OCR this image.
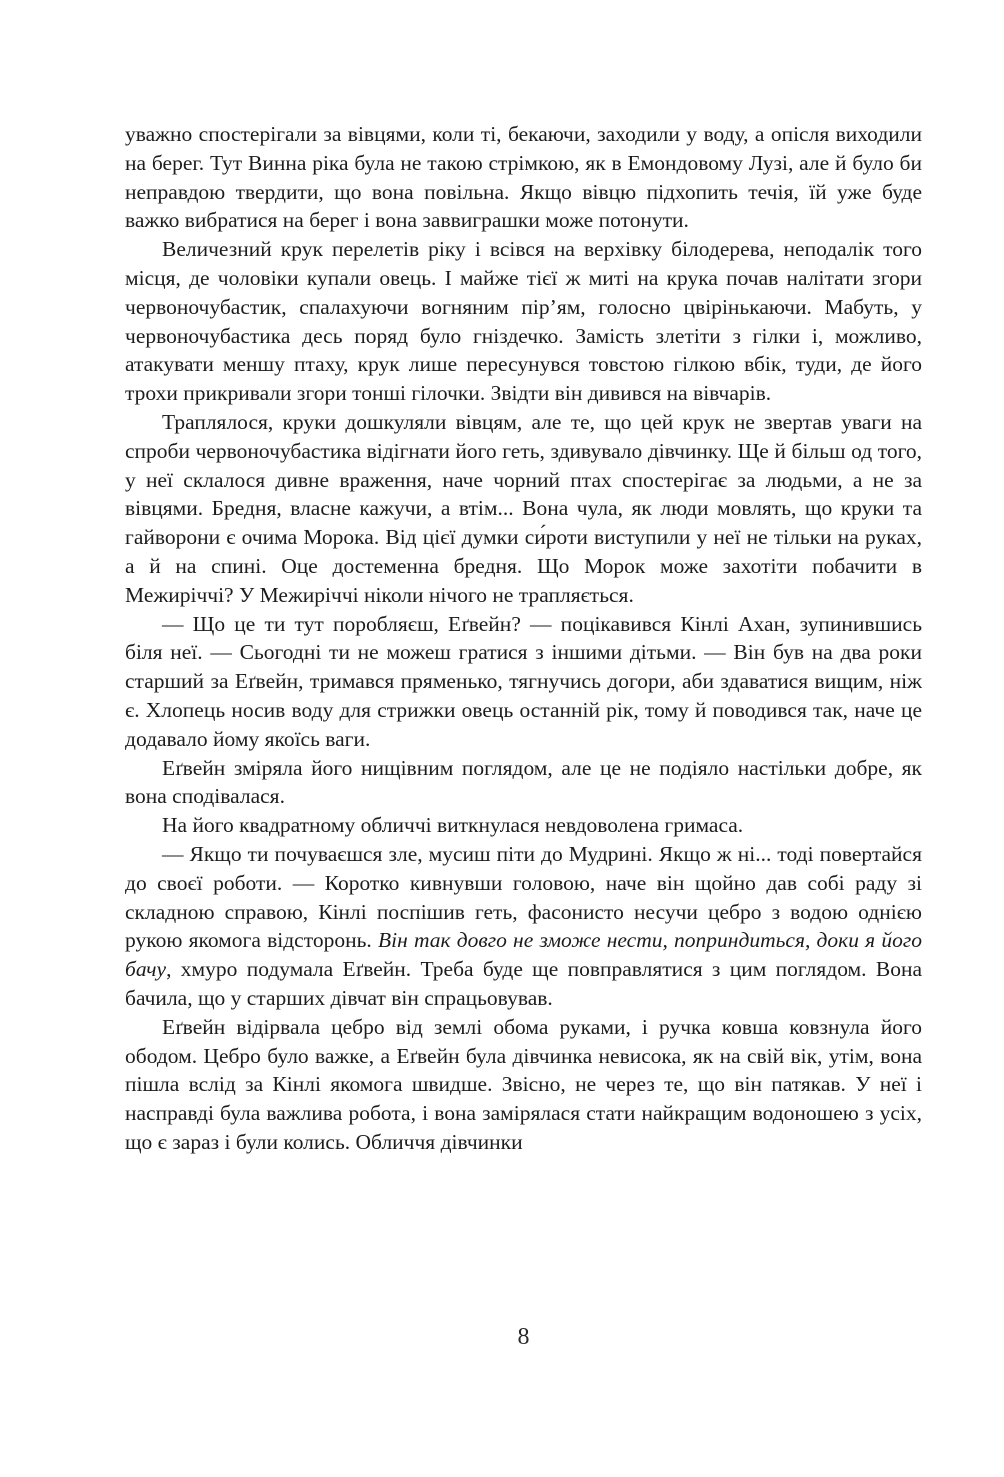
уважно спостерігали за вівцями, коли ті, бекаючи, заходили у воду, а опісля виходили на берег. Тут Винна ріка була не такою стрімкою, як в Емондовому Лузі, але й було би неправдою твердити, що вона повільна. Якщо вівцю підхопить течія, їй уже буде важко вибратися на берег і вона заввиграшки може потонути.

Величезний крук перелетів ріку і всівся на верхівку білодерева, неподалік того місця, де чоловіки купали овець. І майже тієї ж миті на крука почав налітати згори червоночубастик, спалахуючи вогняним пір’ям, голосно цвірінькаючи. Мабуть, у червоночубастика десь поряд було гніздечко. Замість злетіти з гілки і, можливо, атакувати меншу птаху, крук лише пересунувся товстою гілкою вбік, туди, де його трохи прикривали згори тонші гілочки. Звідти він дивився на вівчарів.

Траплялося, круки дошкуляли вівцям, але те, що цей крук не звертав уваги на спроби червоночубастика відігнати його геть, здивувало дівчинку. Ще й більш од того, у неї склалося дивне враження, наче чорний птах спостерігає за людьми, а не за вівцями. Бредня, власне кажучи, а втім... Вона чула, як люди мовлять, що круки та гайворони є очима Морока. Від цієї думки си́роти виступили у неї не тільки на руках, а й на спині. Оце достеменна бредня. Що Морок може захотіти побачити в Межиріччі? У Межиріччі ніколи нічого не трапляється.

— Що це ти тут поробляєш, Еґвейн? — поцікавився Кінлі Ахан, зупинившись біля неї. — Сьогодні ти не можеш гратися з іншими дітьми. — Він був на два роки старший за Еґвейн, тримався пряменько, тягнучись догори, аби здаватися вищим, ніж є. Хлопець носив воду для стрижки овець останній рік, тому й поводився так, наче це додавало йому якоїсь ваги.

Еґвейн зміряла його нищівним поглядом, але це не подіяло настільки добре, як вона сподівалася.

На його квадратному обличчі виткнулася невдоволена гримаса.

— Якщо ти почуваєшся зле, мусиш піти до Мудрині. Якщо ж ні... тоді повертайся до своєї роботи. — Коротко кивнувши головою, наче він щойно дав собі раду зі складною справою, Кінлі поспішив геть, фасонисто несучи цебро з водою однією рукою якомога відсторонь. Він так довго не зможе нести, поприндиться, доки я його бачу, хмуро подумала Еґвейн. Треба буде ще повправлятися з цим поглядом. Вона бачила, що у старших дівчат він спрацьовував.

Еґвейн відірвала цебро від землі обома руками, і ручка ковша ковзнула його ободом. Цебро було важке, а Еґвейн була дівчинка невисока, як на свій вік, утім, вона пішла вслід за Кінлі якомога швидше. Звісно, не через те, що він патякав. У неї і насправді була важлива робота, і вона замірялася стати найкращим водоношею з усіх, що є зараз і були колись. Обличчя дівчинки

8
